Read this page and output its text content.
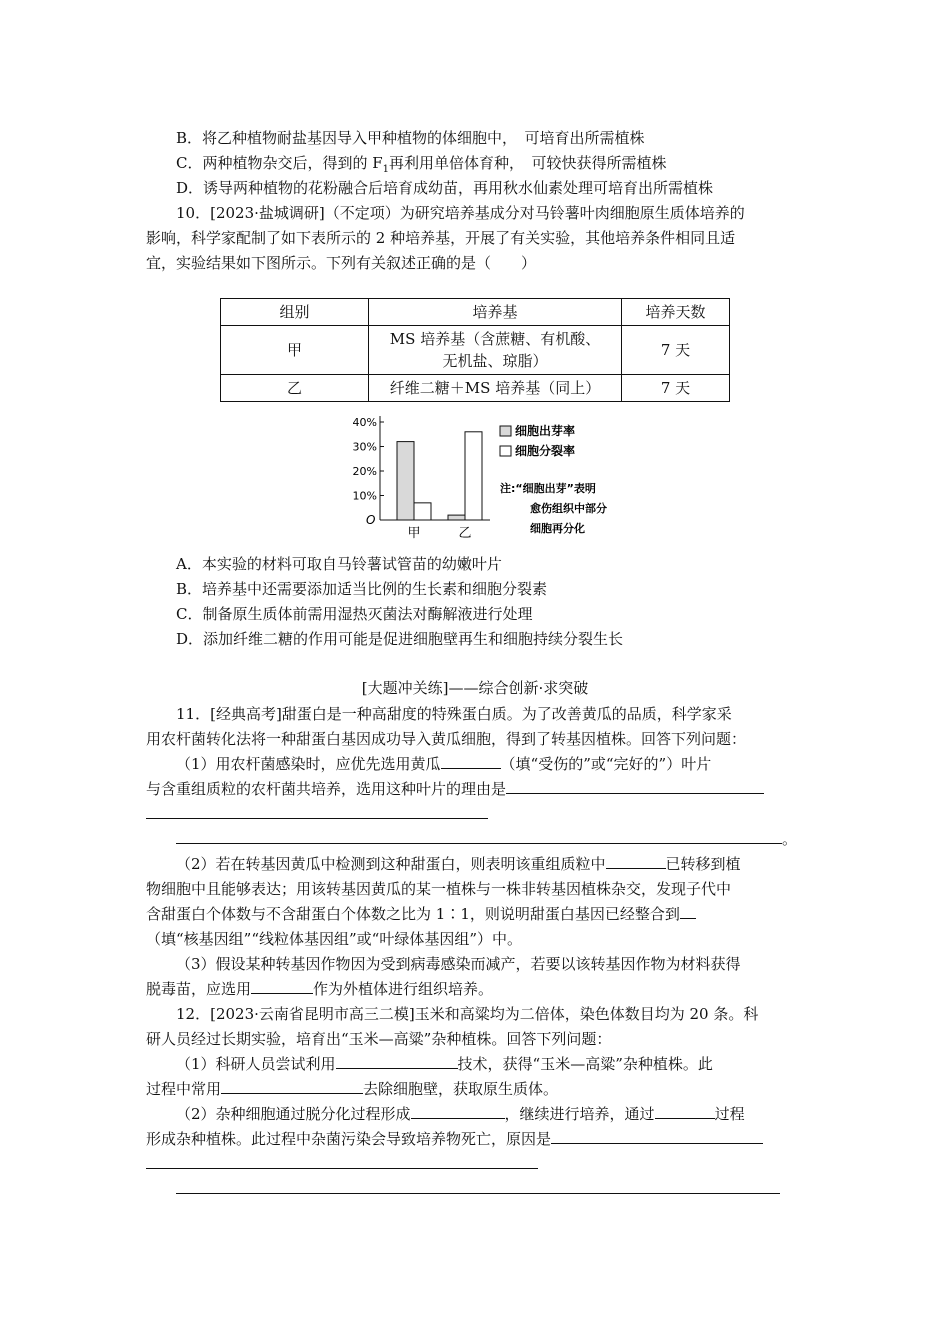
B．将乙种植物耐盐基因导入甲种植物的体细胞中，　可培育出所需植株
C．两种植物杂交后，得到的 $F_1$再利用单倍体育种，　可较快获得所需植株
D．诱导两种植物的花粉融合后培育成幼苗，再用秋水仙素处理可培育出所需植株
10．[2023·盐城调研]（不定项）为研究培养基成分对马铃薯叶肉细胞原生质体培养的
影响，科学家配制了如下表所示的 2 种培养基，开展了有关实验，其他培养条件相同且适
宜，实验结果如下图所示。下列有关叙述正确的是（　　）
组别	培养基	培养天数
甲	MS 培养基（含蔗糖、有机酸、
无机盐、琼脂）	7 天
乙	纤维二糖＋MS 培养基（同上）	7 天
O
40%
30%
20%
10%
甲	乙
细胞出芽率
细胞分裂率
注:“细胞出芽”表明
愈伤组织中部分
细胞再分化
A．本实验的材料可取自马铃薯试管苗的幼嫩叶片
B．培养基中还需要添加适当比例的生长素和细胞分裂素
C．制备原生质体前需用湿热灭菌法对酶解液进行处理
D．添加纤维二糖的作用可能是促进细胞壁再生和细胞持续分裂生长
[大题冲关练]——综合创新·求突破
11．[经典高考]甜蛋白是一种高甜度的特殊蛋白质。为了改善黄瓜的品质，科学家采
用农杆菌转化法将一种甜蛋白基因成功导入黄瓜细胞，得到了转基因植株。回答下列问题：
（1）用农杆菌感染时，应优先选用黄瓜	（填“受伤的”或“完好的”）叶片
与含重组质粒的农杆菌共培养，选用这种叶片的理由是
。
（2）若在转基因黄瓜中检测到这种甜蛋白，则表明该重组质粒中	已转移到植
物细胞中且能够表达；用该转基因黄瓜的某一植株与一株非转基因植株杂交，发现子代中
含甜蛋白个体数与不含甜蛋白个体数之比为 1∶1，则说明甜蛋白基因已经整合到
（填“核基因组”“线粒体基因组”或“叶绿体基因组”）中。
（3）假设某种转基因作物因为受到病毒感染而减产，若要以该转基因作物为材料获得
脱毒苗，应选用	作为外植体进行组织培养。
12．[2023·云南省昆明市高三二模]玉米和高粱均为二倍体，染色体数目均为 20 条。科
研人员经过长期实验，培育出“玉米—高粱”杂种植株。回答下列问题：
（1）科研人员尝试利用	技术，获得“玉米—高粱”杂种植株。此
过程中常用	去除细胞壁，获取原生质体。
（2）杂种细胞通过脱分化过程形成	，继续进行培养，通过	过程
形成杂种植株。此过程中杂菌污染会导致培养物死亡，原因是
